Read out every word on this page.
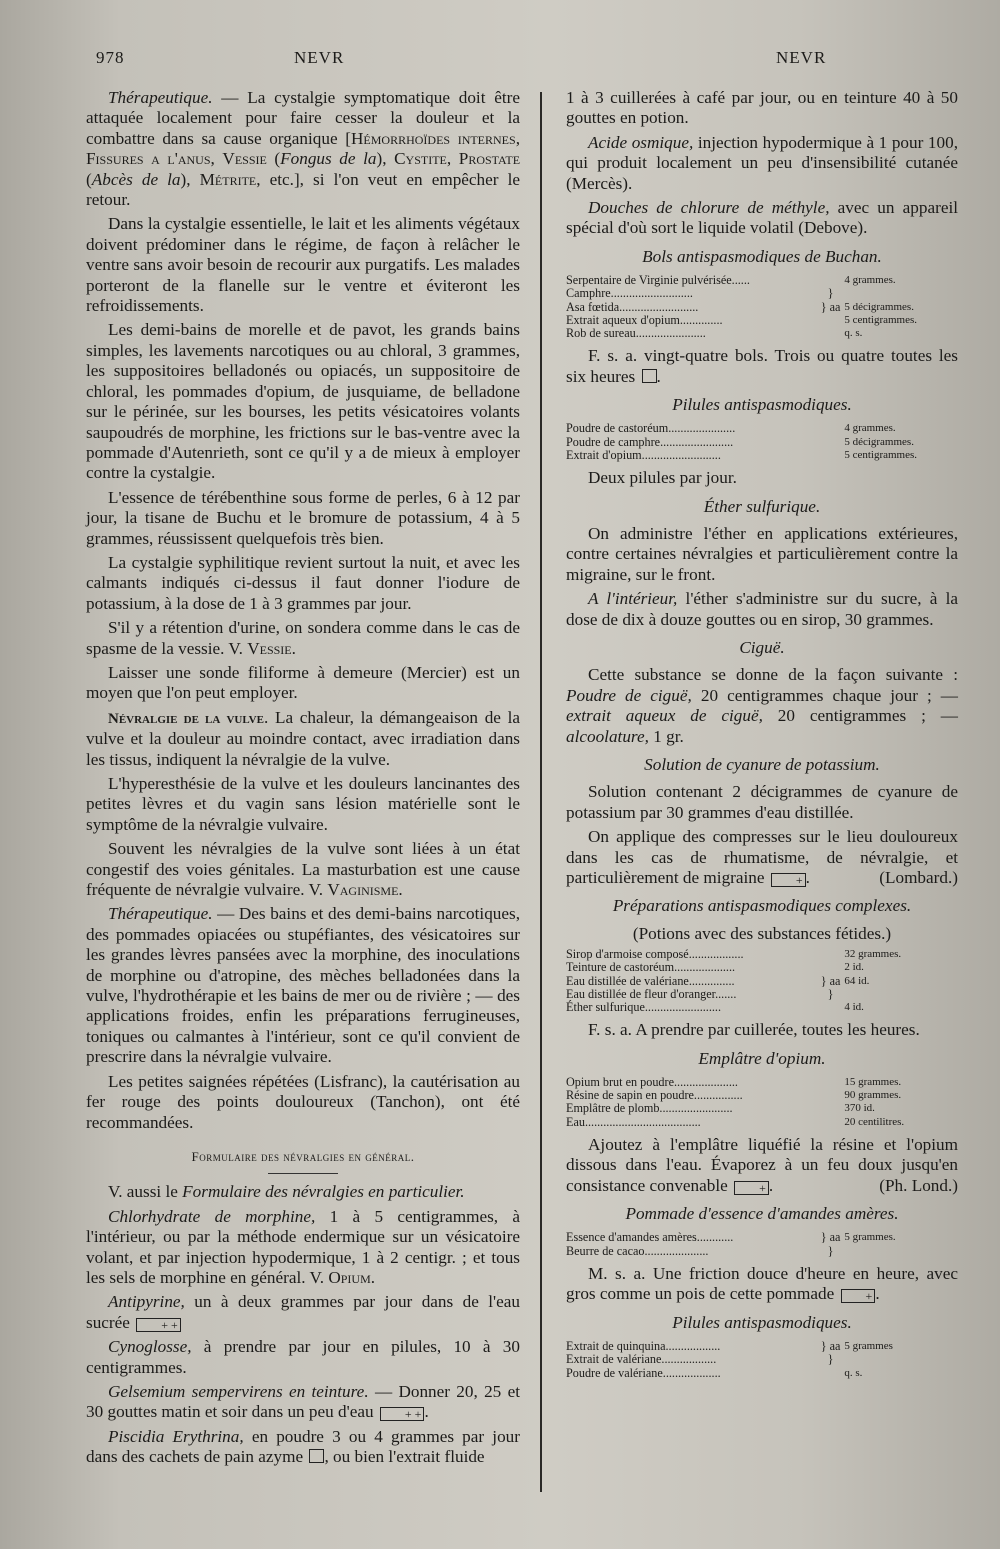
978	NEVR	NEVR

Thérapeutique. — La cystalgie symptomatique doit être attaquée localement pour faire cesser la douleur et la combattre dans sa cause organique [Hémorrhoïdes internes, Fissures a l'anus, Vessie (Fongus de la), Cystite, Prostate (Abcès de la), Métrite, etc.], si l'on veut en empêcher le retour.

Dans la cystalgie essentielle, le lait et les aliments végétaux doivent prédominer dans le régime, de façon à relâcher le ventre sans avoir besoin de recourir aux purgatifs. Les malades porteront de la flanelle sur le ventre et éviteront les refroidissements.

Les demi-bains de morelle et de pavot, les grands bains simples, les lavements narcotiques ou au chloral, 3 grammes, les suppositoires belladonés ou opiacés, un suppositoire de chloral, les pommades d'opium, de jusquiame, de belladone sur le périnée, sur les bourses, les petits vésicatoires volants saupoudrés de morphine, les frictions sur le bas-ventre avec la pommade d'Autenrieth, sont ce qu'il y a de mieux à employer contre la cystalgie.

L'essence de térébenthine sous forme de perles, 6 à 12 par jour, la tisane de Buchu et le bromure de potassium, 4 à 5 grammes, réussissent quelquefois très bien.

La cystalgie syphilitique revient surtout la nuit, et avec les calmants indiqués ci-dessus il faut donner l'iodure de potassium, à la dose de 1 à 3 grammes par jour.

S'il y a rétention d'urine, on sondera comme dans le cas de spasme de la vessie. V. Vessie.

Laisser une sonde filiforme à demeure (Mercier) est un moyen que l'on peut employer.

Névralgie de la vulve. La chaleur, la démangeaison de la vulve et la douleur au moindre contact, avec irradiation dans les tissus, indiquent la névralgie de la vulve.

L'hyperesthésie de la vulve et les douleurs lancinantes des petites lèvres et du vagin sans lésion matérielle sont le symptôme de la névralgie vulvaire.

Souvent les névralgies de la vulve sont liées à un état congestif des voies génitales. La masturbation est une cause fréquente de névralgie vulvaire. V. Vaginisme.

Thérapeutique. — Des bains et des demi-bains narcotiques, des pommades opiacées ou stupéfiantes, des vésicatoires sur les grandes lèvres pansées avec la morphine, des inoculations de morphine ou d'atropine, des mèches belladonées dans la vulve, l'hydrothérapie et les bains de mer ou de rivière ; — des applications froides, enfin les préparations ferrugineuses, toniques ou calmantes à l'intérieur, sont ce qu'il convient de prescrire dans la névralgie vulvaire.

Les petites saignées répétées (Lisfranc), la cautérisation au fer rouge des points douloureux (Tanchon), ont été recommandées.

Formulaire des névralgies en général.

V. aussi le Formulaire des névralgies en particulier.

Chlorhydrate de morphine, 1 à 5 centigrammes, à l'intérieur, ou par la méthode endermique sur un vésicatoire volant, et par injection hypodermique, 1 à 2 centigr. ; et tous les sels de morphine en général. V. Opium.

Antipyrine, un à deux grammes par jour dans de l'eau sucrée	+ +

Cynoglosse, à prendre par jour en pilules, 10 à 30 centigrammes.

Gelsemium sempervirens en teinture. — Donner 20, 25 et 30 gouttes matin et soir dans un peu d'eau	+ + .

Piscidia Erythrina, en poudre 3 ou 4 grammes par jour dans des cachets de pain azyme , ou bien l'extrait fluide

1 à 3 cuillerées à café par jour, ou en teinture 40 à 50 gouttes en potion.

Acide osmique, injection hypodermique à 1 pour 100, qui produit localement un peu d'insensibilité cutanée (Mercès).

Douches de chlorure de méthyle, avec un appareil spécial d'où sort le liquide volatil (Debove).

Bols antispasmodiques de Buchan.
Serpentaire de Virginie pulvérisée......		4 grammes.
Camphre...........................	}	
Asa fœtida..........................	} aa	5 décigrammes.
Extrait aqueux d'opium..............		5 centigrammes.
Rob de sureau.......................		q. s.

F. s. a. vingt-quatre bols. Trois ou quatre toutes les six heures .

Pilules antispasmodiques.
Poudre de castoréum......................		4 grammes.
Poudre de camphre........................		5 décigrammes.
Extrait d'opium..........................		5 centigrammes.

Deux pilules par jour.

Éther sulfurique.

On administre l'éther en applications extérieures, contre certaines névralgies et particulièrement contre la migraine, sur le front.

A l'intérieur, l'éther s'administre sur du sucre, à la dose de dix à douze gouttes ou en sirop, 30 grammes.

Ciguë.

Cette substance se donne de la façon suivante : Poudre de ciguë, 20 centigrammes chaque jour ; — extrait aqueux de ciguë, 20 centigrammes ; — alcoolature, 1 gr.

Solution de cyanure de potassium.

Solution contenant 2 décigrammes de cyanure de potassium par 30 grammes d'eau distillée.

On applique des compresses sur le lieu douloureux dans les cas de rhumatisme, de névralgie, et particulièrement de migraine	+ .	(Lombard.)

Préparations antispasmodiques complexes.

(Potions avec des substances fétides.)

Sirop d'armoise composé..................		32 grammes.
Teinture de castoréum....................		2 id.
Eau distillée de valériane...............	} aa	64 id.
Eau distillée de fleur d'oranger.......	}	
Éther sulfurique.........................		4 id.

F. s. a. A prendre par cuillerée, toutes les heures.

Emplâtre d'opium.
Opium brut en poudre.....................		15 grammes.
Résine de sapin en poudre................		90 grammes.
Emplâtre de plomb........................		370 id.
Eau......................................		20 centilitres.

Ajoutez à l'emplâtre liquéfié la résine et l'opium dissous dans l'eau. Évaporez à un feu doux jusqu'en consistance convenable	+ .	(Ph. Lond.)

Pommade d'essence d'amandes amères.
Essence d'amandes amères............	} aa	5 grammes.
Beurre de cacao.....................	}	

M. s. a. Une friction douce d'heure en heure, avec gros comme un pois de cette pommade	+ .

Pilules antispasmodiques.
Extrait de quinquina..................	} aa	5 grammes
Extrait de valériane..................	}	
Poudre de valériane...................		q. s.
